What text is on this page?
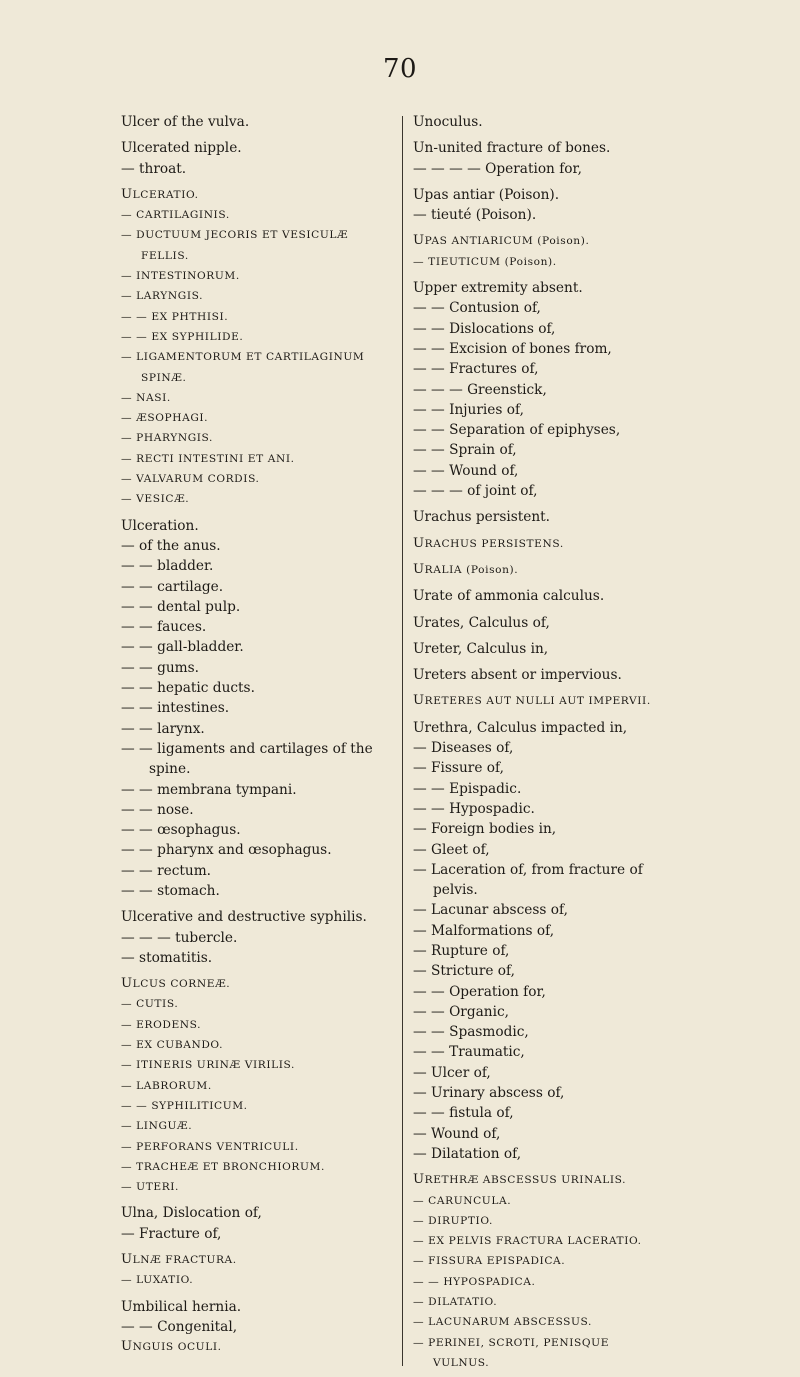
70
Ulcer of the vulva.
Ulcerated nipple.
— throat.
ULCERATIO.
— CARTILAGINIS.
— DUCTUUM JECORIS ET VESICULÆ
FELLIS.
— INTESTINORUM.
— LARYNGIS.
— — EX PHTHISI.
— — EX SYPHILIDE.
— LIGAMENTORUM ET CARTILAGINUM
SPINÆ.
— NASI.
— ÆSOPHAGI.
— PHARYNGIS.
— RECTI INTESTINI ET ANI.
— VALVARUM CORDIS.
— VESICÆ.
Ulceration.
— of the anus.
— — bladder.
— — cartilage.
— — dental pulp.
— — fauces.
— — gall-bladder.
— — gums.
— — hepatic ducts.
— — intestines.
— — larynx.
— — ligaments and cartilages of the
spine.
— — membrana tympani.
— — nose.
— — œsophagus.
— — pharynx and œsophagus.
— — rectum.
— — stomach.
Ulcerative and destructive syphilis.
— — — tubercle.
— stomatitis.
ULCUS CORNEÆ.
— CUTIS.
— ERODENS.
— EX CUBANDO.
— ITINERIS URINÆ VIRILIS.
— LABRORUM.
— — SYPHILITICUM.
— LINGUÆ.
— PERFORANS VENTRICULI.
— TRACHEÆ ET BRONCHIORUM.
— UTERI.
Ulna, Dislocation of,
— Fracture of,
ULNÆ FRACTURA.
— LUXATIO.
Umbilical hernia.
— — Congenital,
UNGUIS OCULI.
Unoculus.
Un-united fracture of bones.
— — — — Operation for,
Upas antiar (Poison).
— tieuté (Poison).
UPAS ANTIARICUM (Poison).
— TIEUTICUM (Poison).
Upper extremity absent.
— — Contusion of,
— — Dislocations of,
— — Excision of bones from,
— — Fractures of,
— — — Greenstick,
— — Injuries of,
— — Separation of epiphyses,
— — Sprain of,
— — Wound of,
— — — of joint of,
Urachus persistent.
URACHUS PERSISTENS.
URALIA (Poison).
Urate of ammonia calculus.
Urates, Calculus of,
Ureter, Calculus in,
Ureters absent or impervious.
URETERES AUT NULLI AUT IMPERVII.
Urethra, Calculus impacted in,
— Diseases of,
— Fissure of,
— — Epispadic.
— — Hypospadic.
— Foreign bodies in,
— Gleet of,
— Laceration of, from fracture of
pelvis.
— Lacunar abscess of,
— Malformations of,
— Rupture of,
— Stricture of,
— — Operation for,
— — Organic,
— — Spasmodic,
— — Traumatic,
— Ulcer of,
— Urinary abscess of,
— — fistula of,
— Wound of,
— Dilatation of,
URETHRÆ ABSCESSUS URINALIS.
— CARUNCULA.
— DIRUPTIO.
— EX PELVIS FRACTURA LACERATIO.
— FISSURA EPISPADICA.
— — HYPOSPADICA.
— DILATATIO.
— LACUNARUM ABSCESSUS.
— PERINEI, SCROTI, PENISQUE
VULNUS.
